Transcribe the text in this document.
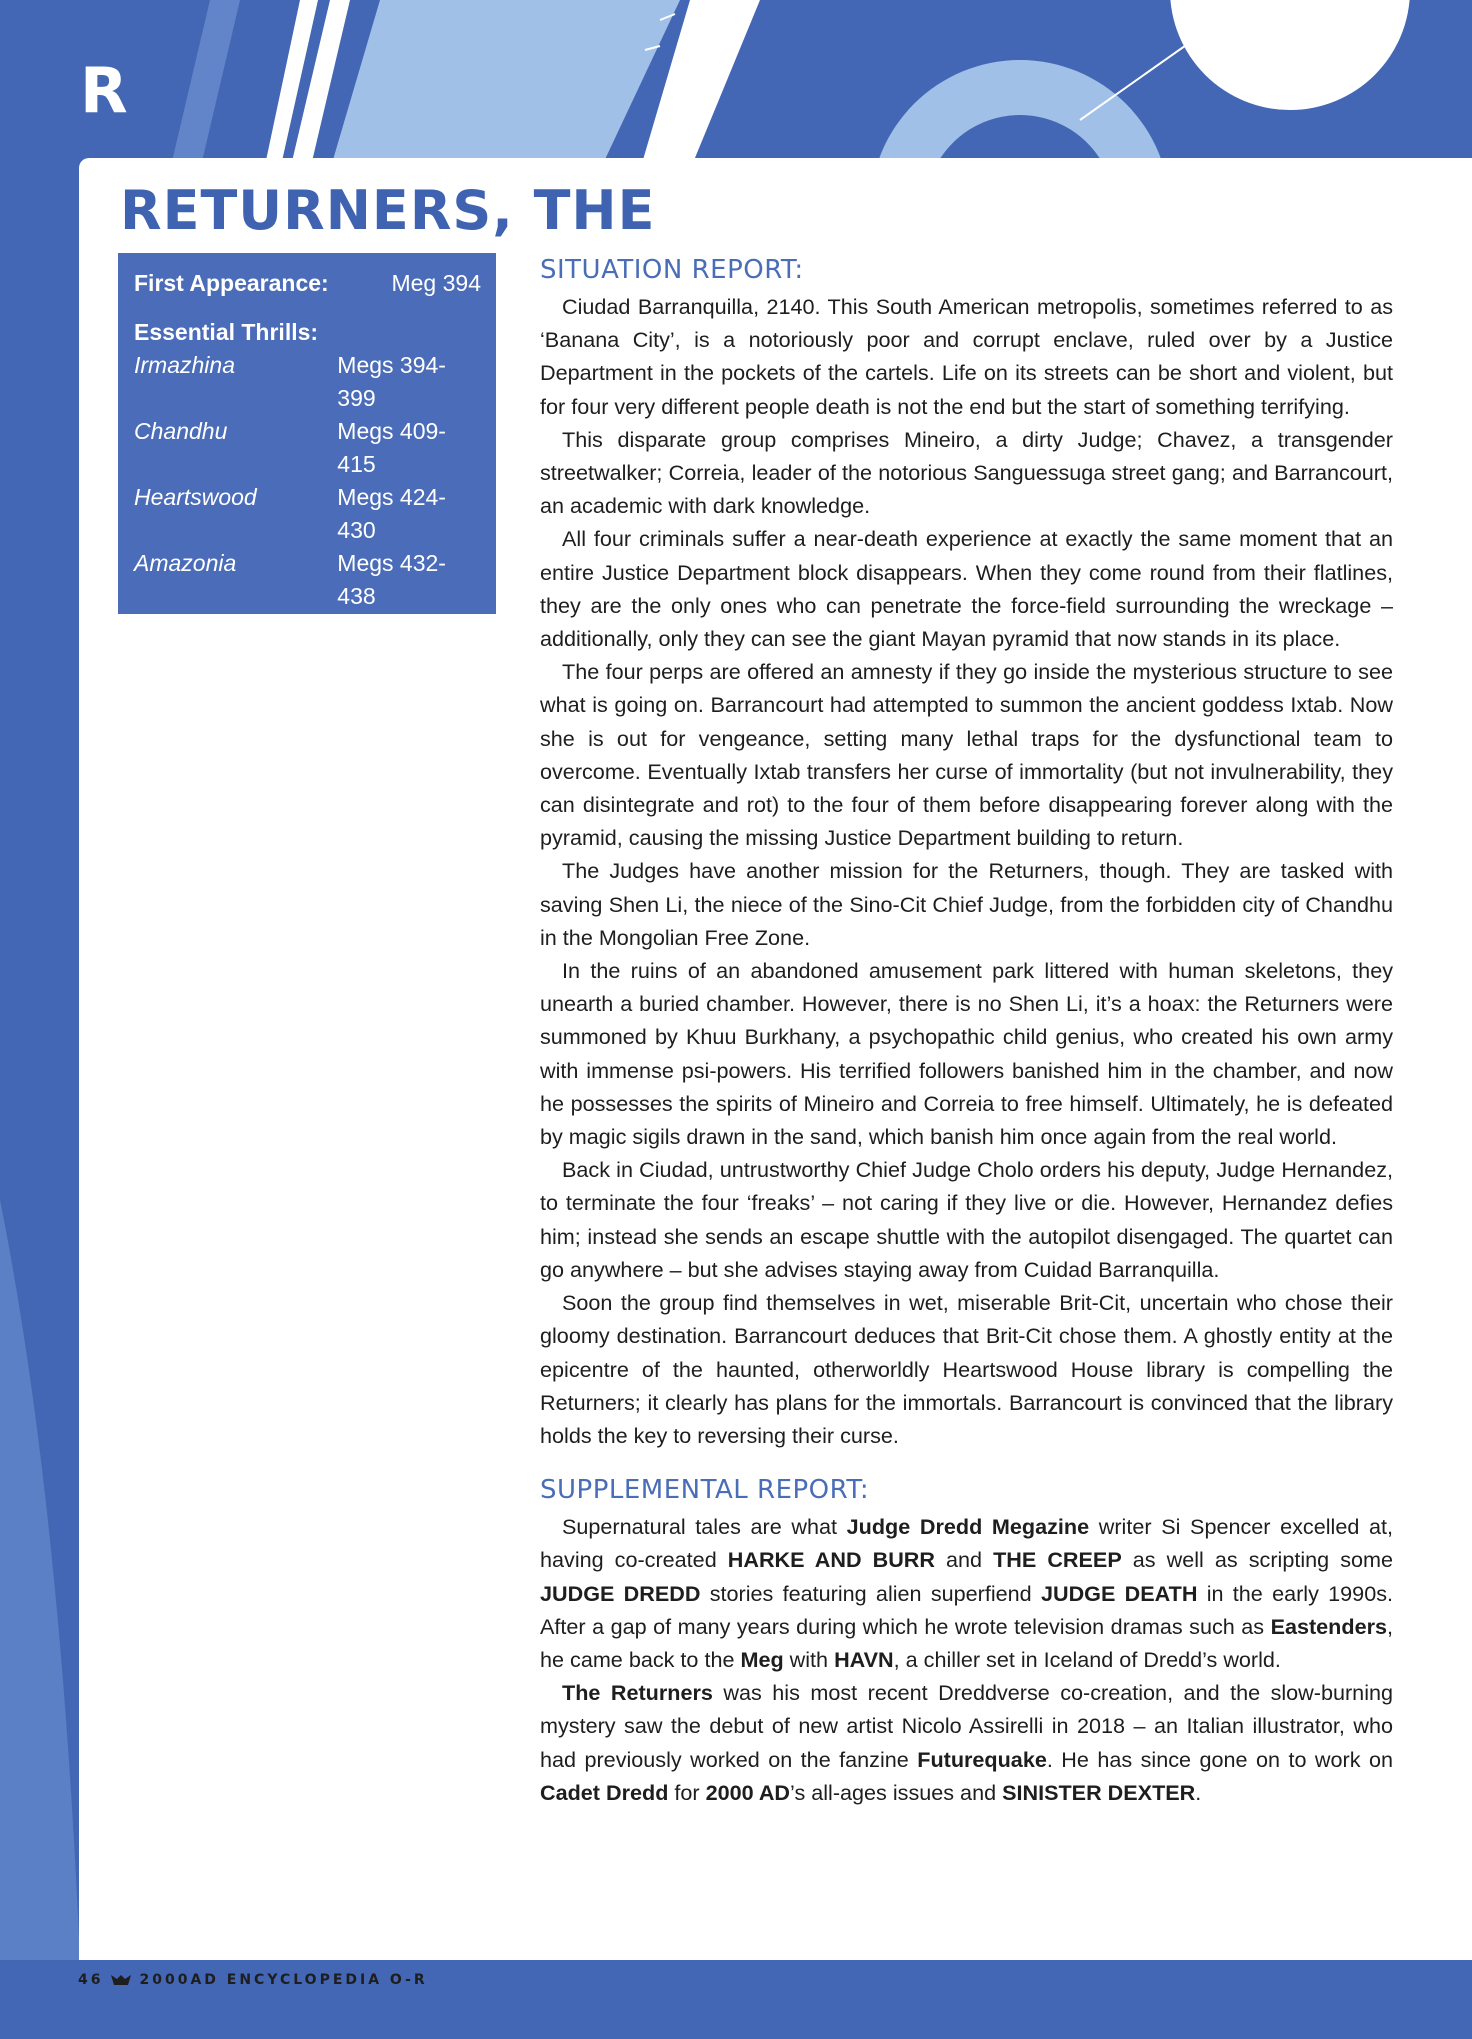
R
RETURNERS, THE
First Appearance:	Meg 394
Essential Thrills:
Irmazhina	Megs 394-399
Chandhu	Megs 409-415
Heartswood	Megs 424-430
Amazonia	Megs 432-438
Series created by:
Si Spencer (writer) and
Nicolo Assirelli (artist)
SITUATION REPORT:

Ciudad Barranquilla, 2140. This South American metropolis, sometimes referred to as ‘Banana City’, is a notoriously poor and corrupt enclave, ruled over by a Justice Department in the pockets of the cartels. Life on its streets can be short and violent, but for four very different people death is not the end but the start of something terrifying.

This disparate group comprises Mineiro, a dirty Judge; Chavez, a transgender streetwalker; Correia, leader of the notorious Sanguessuga street gang; and Barrancourt, an academic with dark knowledge.

All four criminals suffer a near-death experience at exactly the same moment that an entire Justice Department block disappears. When they come round from their flatlines, they are the only ones who can penetrate the force-field surrounding the wreckage – additionally, only they can see the giant Mayan pyramid that now stands in its place.

The four perps are offered an amnesty if they go inside the mysterious structure to see what is going on. Barrancourt had attempted to summon the ancient goddess Ixtab. Now she is out for vengeance, setting many lethal traps for the dysfunctional team to overcome. Eventually Ixtab transfers her curse of immortality (but not invulnerability, they can disintegrate and rot) to the four of them before disappearing forever along with the pyramid, causing the missing Justice Department building to return.

The Judges have another mission for the Returners, though. They are tasked with saving Shen Li, the niece of the Sino-Cit Chief Judge, from the forbidden city of Chandhu in the Mongolian Free Zone.

In the ruins of an abandoned amusement park littered with human skeletons, they unearth a buried chamber. However, there is no Shen Li, it’s a hoax: the Returners were summoned by Khuu Burkhany, a psychopathic child genius, who created his own army with immense psi-powers. His terrified followers banished him in the chamber, and now he possesses the spirits of Mineiro and Correia to free himself. Ultimately, he is defeated by magic sigils drawn in the sand, which banish him once again from the real world.

Back in Ciudad, untrustworthy Chief Judge Cholo orders his deputy, Judge Hernandez, to terminate the four ‘freaks’ – not caring if they live or die. However, Hernandez defies him; instead she sends an escape shuttle with the autopilot disengaged. The quartet can go anywhere – but she advises staying away from Cuidad Barranquilla.

Soon the group find themselves in wet, miserable Brit-Cit, uncertain who chose their gloomy destination. Barrancourt deduces that Brit-Cit chose them. A ghostly entity at the epicentre of the haunted, otherworldly Heartswood House library is compelling the Returners; it clearly has plans for the immortals. Barrancourt is convinced that the library holds the key to reversing their curse.

SUPPLEMENTAL REPORT:

Supernatural tales are what Judge Dredd Megazine writer Si Spencer excelled at, having co-created HARKE AND BURR and THE CREEP as well as scripting some JUDGE DREDD stories featuring alien superfiend JUDGE DEATH in the early 1990s. After a gap of many years during which he wrote television dramas such as Eastenders, he came back to the Meg with HAVN, a chiller set in Iceland of Dredd’s world.

The Returners was his most recent Dreddverse co-creation, and the slow-burning mystery saw the debut of new artist Nicolo Assirelli in 2018 – an Italian illustrator, who had previously worked on the fanzine Futurequake. He has since gone on to work on Cadet Dredd for 2000 AD’s all-ages issues and SINISTER DEXTER.

46	2000AD ENCYCLOPEDIA O-R
